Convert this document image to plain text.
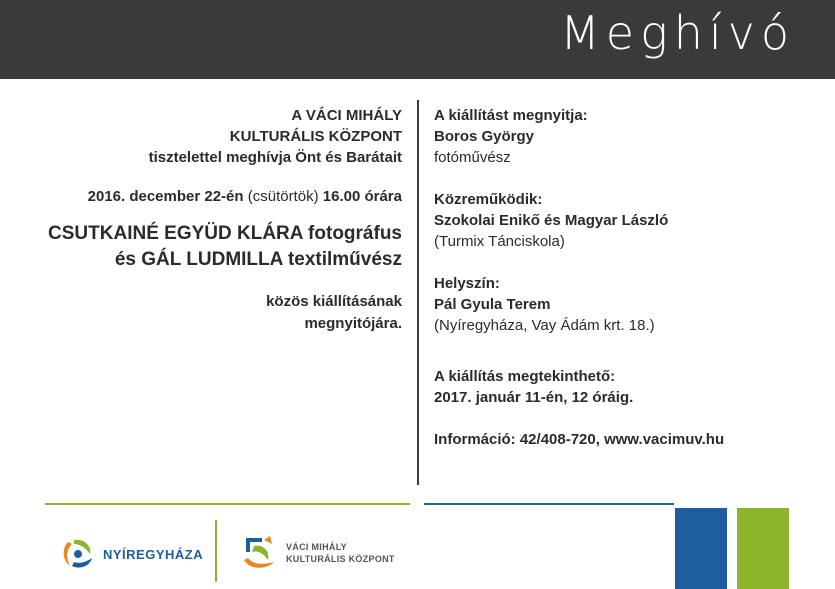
Meghívó
A VÁCI MIHÁLY
KULTURÁLIS KÖZPONT
tisztelettel meghívja Önt és Barátait
2016. december 22-én (csütörtök) 16.00 órára
CSUTKAINÉ EGYÜD KLÁRA fotográfus
és GÁL LUDMILLA textilművész
közös kiállításának
megnyitójára.
A kiállítást megnyitja:
Boros György
fotóművész
Közreműködik:
Szokolai Enikő és Magyar László
(Turmix Tánciskola)
Helyszín:
Pál Gyula Terem
(Nyíregyháza, Vay Ádám krt. 18.)
A kiállítás megtekinthető:
2017. január 11-én, 12 óráig.
Információ: 42/408-720, www.vacimuv.hu
NYÍREGYHÁZA	VÁCI MIHÁLY
KULTURÁLIS KÖZPONT
